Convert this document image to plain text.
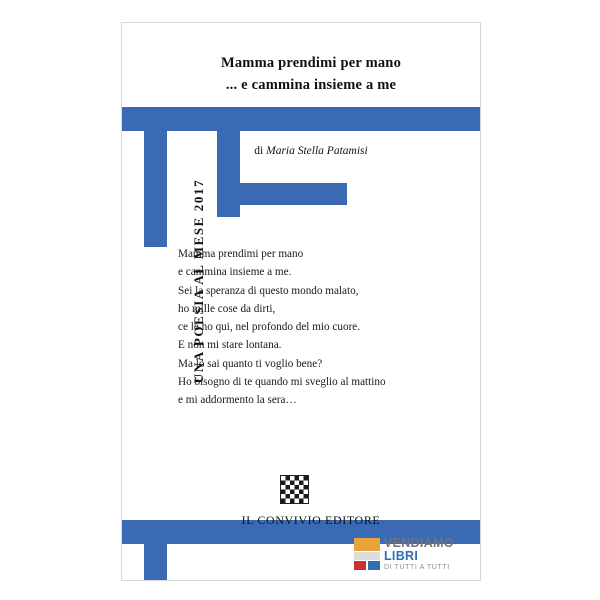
Mamma prendimi per mano
... e cammina insieme a me
di Maria Stella Patamisi
UNA POESIA AL MESE 2017
Mamma prendimi per mano
e cammina insieme a me.
Sei la speranza di questo mondo malato,
ho mille cose da dirti,
ce le ho qui, nel profondo del mio cuore.
E non mi stare lontana.
Ma lo sai quanto ti voglio bene?
Ho bisogno di te quando mi sveglio al mattino
e mi addormento la sera…
IL CONVIVIO EDITORE
VENDIAMO
LIBRI
DI TUTTI A TUTTI
